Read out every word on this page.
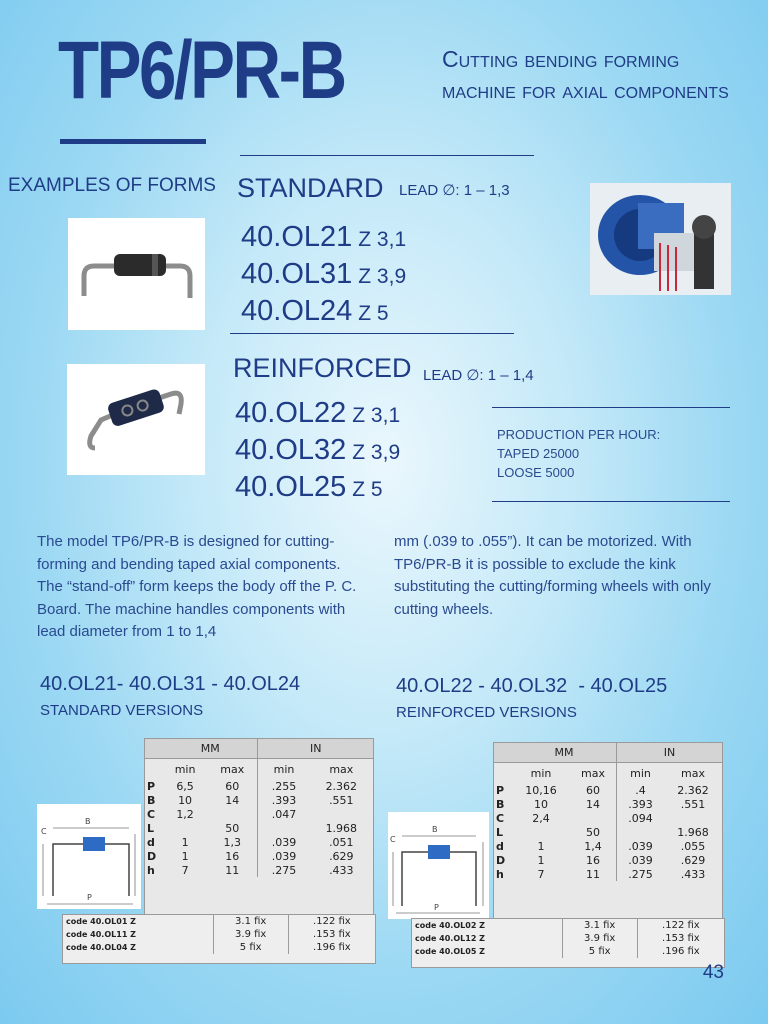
TP6/PR-B	Cutting bending forming machine for axial components
EXAMPLES OF FORMS STANDARD LEAD ∅: 1 – 1,3
40.OL21 Z 3,1
40.OL31 Z 3,9
40.OL24 Z 5
REINFORCED LEAD ∅: 1 – 1,4
40.OL22 Z 3,1
40.OL32 Z 3,9
40.OL25 Z 5
PRODUCTION PER HOUR:
TAPED 25000
LOOSE 5000
The model TP6/PR-B is designed for cutting-forming and bending taped axial components. The “stand-off” form keeps the body off the P. C. Board. The machine handles components with lead diameter from 1 to 1,4
mm (.039 to .055”). It can be motorized. With TP6/PR-B it is possible to exclude the kink substituting the cutting/forming wheels with only cutting wheels.
40.OL21- 40.OL31 - 40.OL24
STANDARD VERSIONS
40.OL22 - 40.OL32  - 40.OL25
REINFORCED VERSIONS
C
B
P
	MM		IN	
	min	max	min	max
P	6,5	60	.255	2.362
B	10	14	.393	.551
C	1,2		.047	
L		50		1.968
d	1	1,3	.039	.051
D	1	16	.039	.629
h	7	11	.275	.433
code 40.OL01 Z	3.1 fix	.122 fix
code 40.OL11 Z	3.9 fix	.153 fix
code 40.OL04 Z	5 fix	.196 fix
C
B
P
	MM		IN	
	min	max	min	max
P	10,16	60	.4	2.362
B	10	14	.393	.551
C	2,4		.094	
L		50		1.968
d	1	1,4	.039	.055
D	1	16	.039	.629
h	7	11	.275	.433
code 40.OL02 Z	3.1 fix	.122 fix
code 40.OL12 Z	3.9 fix	.153 fix
code 40.OL05 Z	5 fix	.196 fix
43
